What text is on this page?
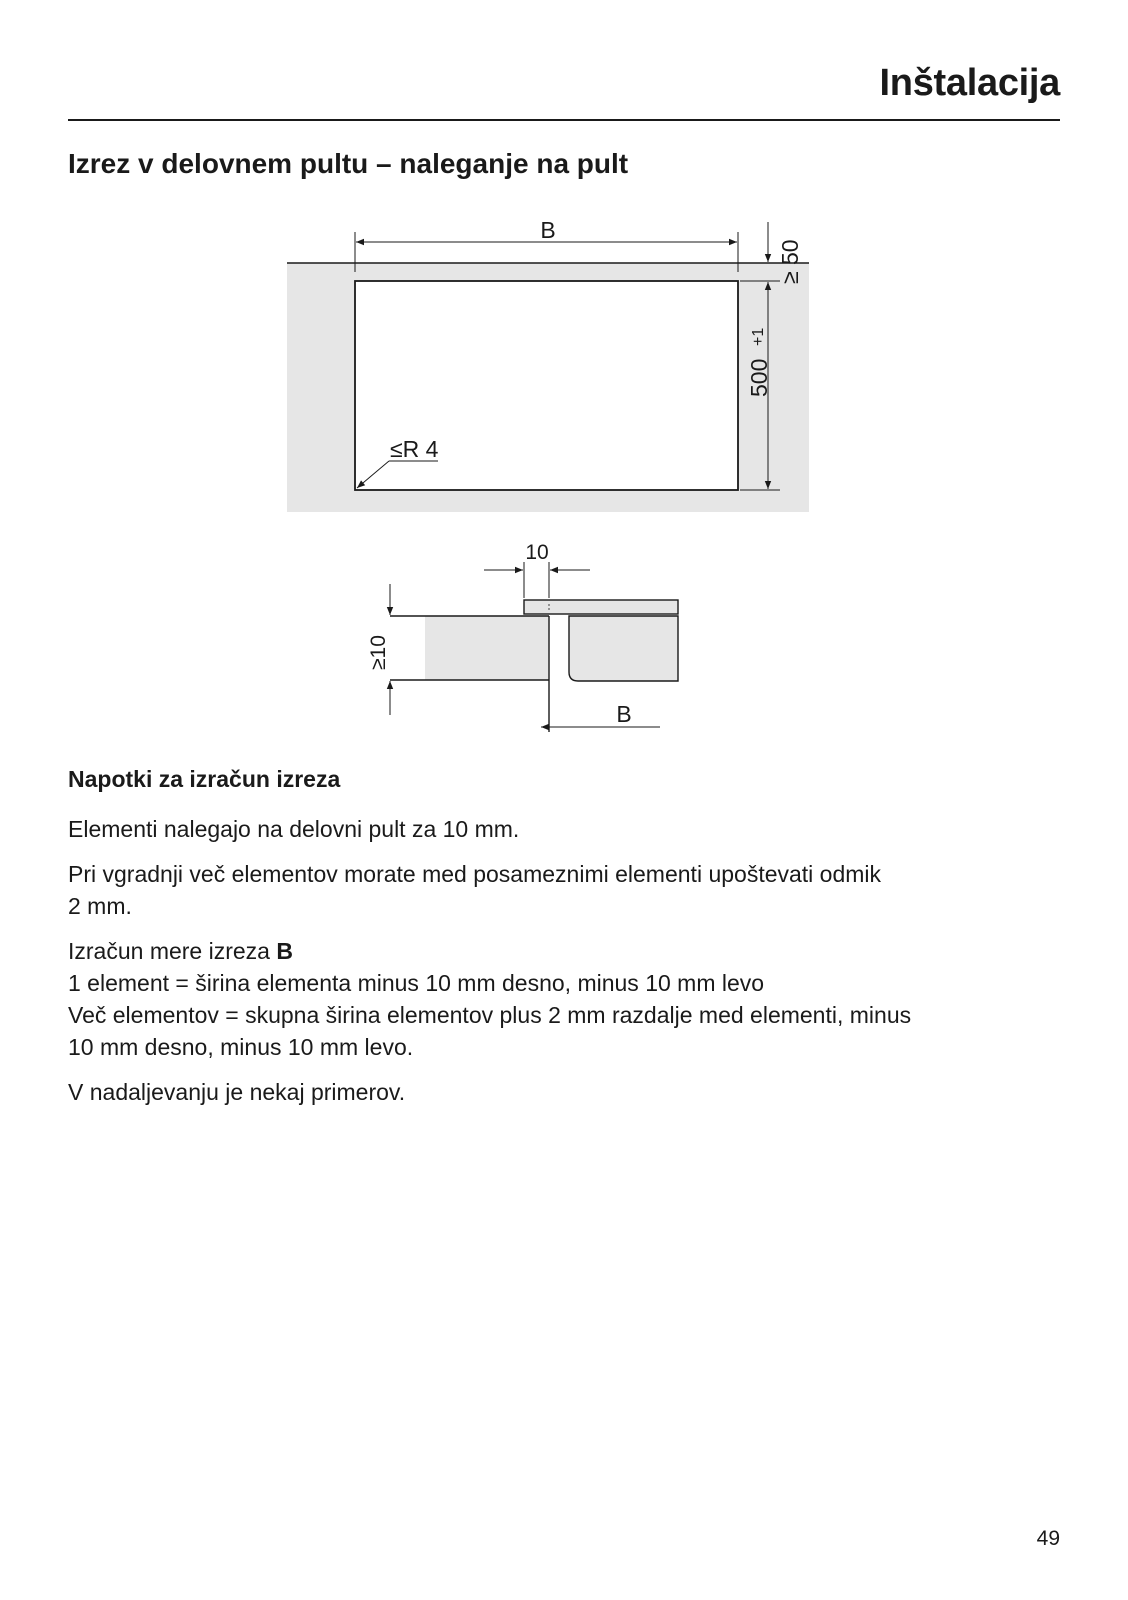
Inštalacija
Izrez v delovnem pultu – naleganje na pult
B
≥ 50
500
+1
≤R 4
10
≥10
B
Napotki za izračun izreza

Elementi nalegajo na delovni pult za 10 mm.

Pri vgradnji več elementov morate med posameznimi elementi upoštevati odmik

2 mm.

Izračun mere izreza B

1 element = širina elementa minus 10 mm desno, minus 10 mm levo

Več elementov = skupna širina elementov plus 2 mm razdalje med elementi, minus

10 mm desno, minus 10 mm levo.

V nadaljevanju je nekaj primerov.

49
